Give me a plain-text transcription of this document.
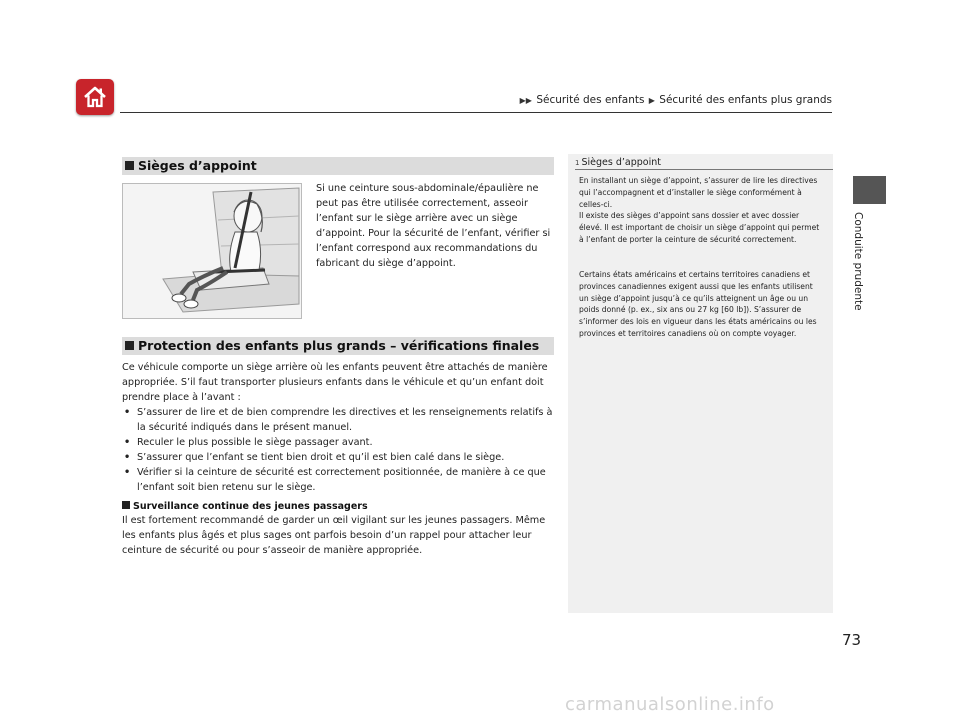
▶▶ Sécurité des enfants ▶ Sécurité des enfants plus grands
Conduite prudente
Sièges d’appoint
Si une ceinture sous-abdominale/épaulière ne peut pas être utilisée correctement, asseoir l’enfant sur le siège arrière avec un siège d’appoint. Pour la sécurité de l’enfant, vérifier si l’enfant correspond aux recommandations du fabricant du siège d’appoint.
Protection des enfants plus grands – vérifications finales
Ce véhicule comporte un siège arrière où les enfants peuvent être attachés de manière appropriée. S’il faut transporter plusieurs enfants dans le véhicule et qu’un enfant doit prendre place à l’avant :
• S’assurer de lire et de bien comprendre les directives et les renseignements relatifs à la sécurité indiqués dans le présent manuel.
• Reculer le plus possible le siège passager avant.
• S’assurer que l’enfant se tient bien droit et qu’il est bien calé dans le siège.
• Vérifier si la ceinture de sécurité est correctement positionnée, de manière à ce que l’enfant soit bien retenu sur le siège.
Surveillance continue des jeunes passagers
Il est fortement recommandé de garder un œil vigilant sur les jeunes passagers. Même les enfants plus âgés et plus sages ont parfois besoin d’un rappel pour attacher leur ceinture de sécurité ou pour s’asseoir de manière appropriée.
1 Sièges d’appoint
En installant un siège d’appoint, s’assurer de lire les directives qui l’accompagnent et d’installer le siège conformément à celles-ci.
Il existe des sièges d’appoint sans dossier et avec dossier élevé. Il est important de choisir un siège d’appoint qui permet à l’enfant de porter la ceinture de sécurité correctement.
Certains états américains et certains territoires canadiens et provinces canadiennes exigent aussi que les enfants utilisent un siège d’appoint jusqu’à ce qu’ils atteignent un âge ou un poids donné (p. ex., six ans ou 27 kg [60 lb]). S’assurer de s’informer des lois en vigueur dans les états américains ou les provinces et territoires canadiens où on compte voyager.
73
carmanualsonline.info
